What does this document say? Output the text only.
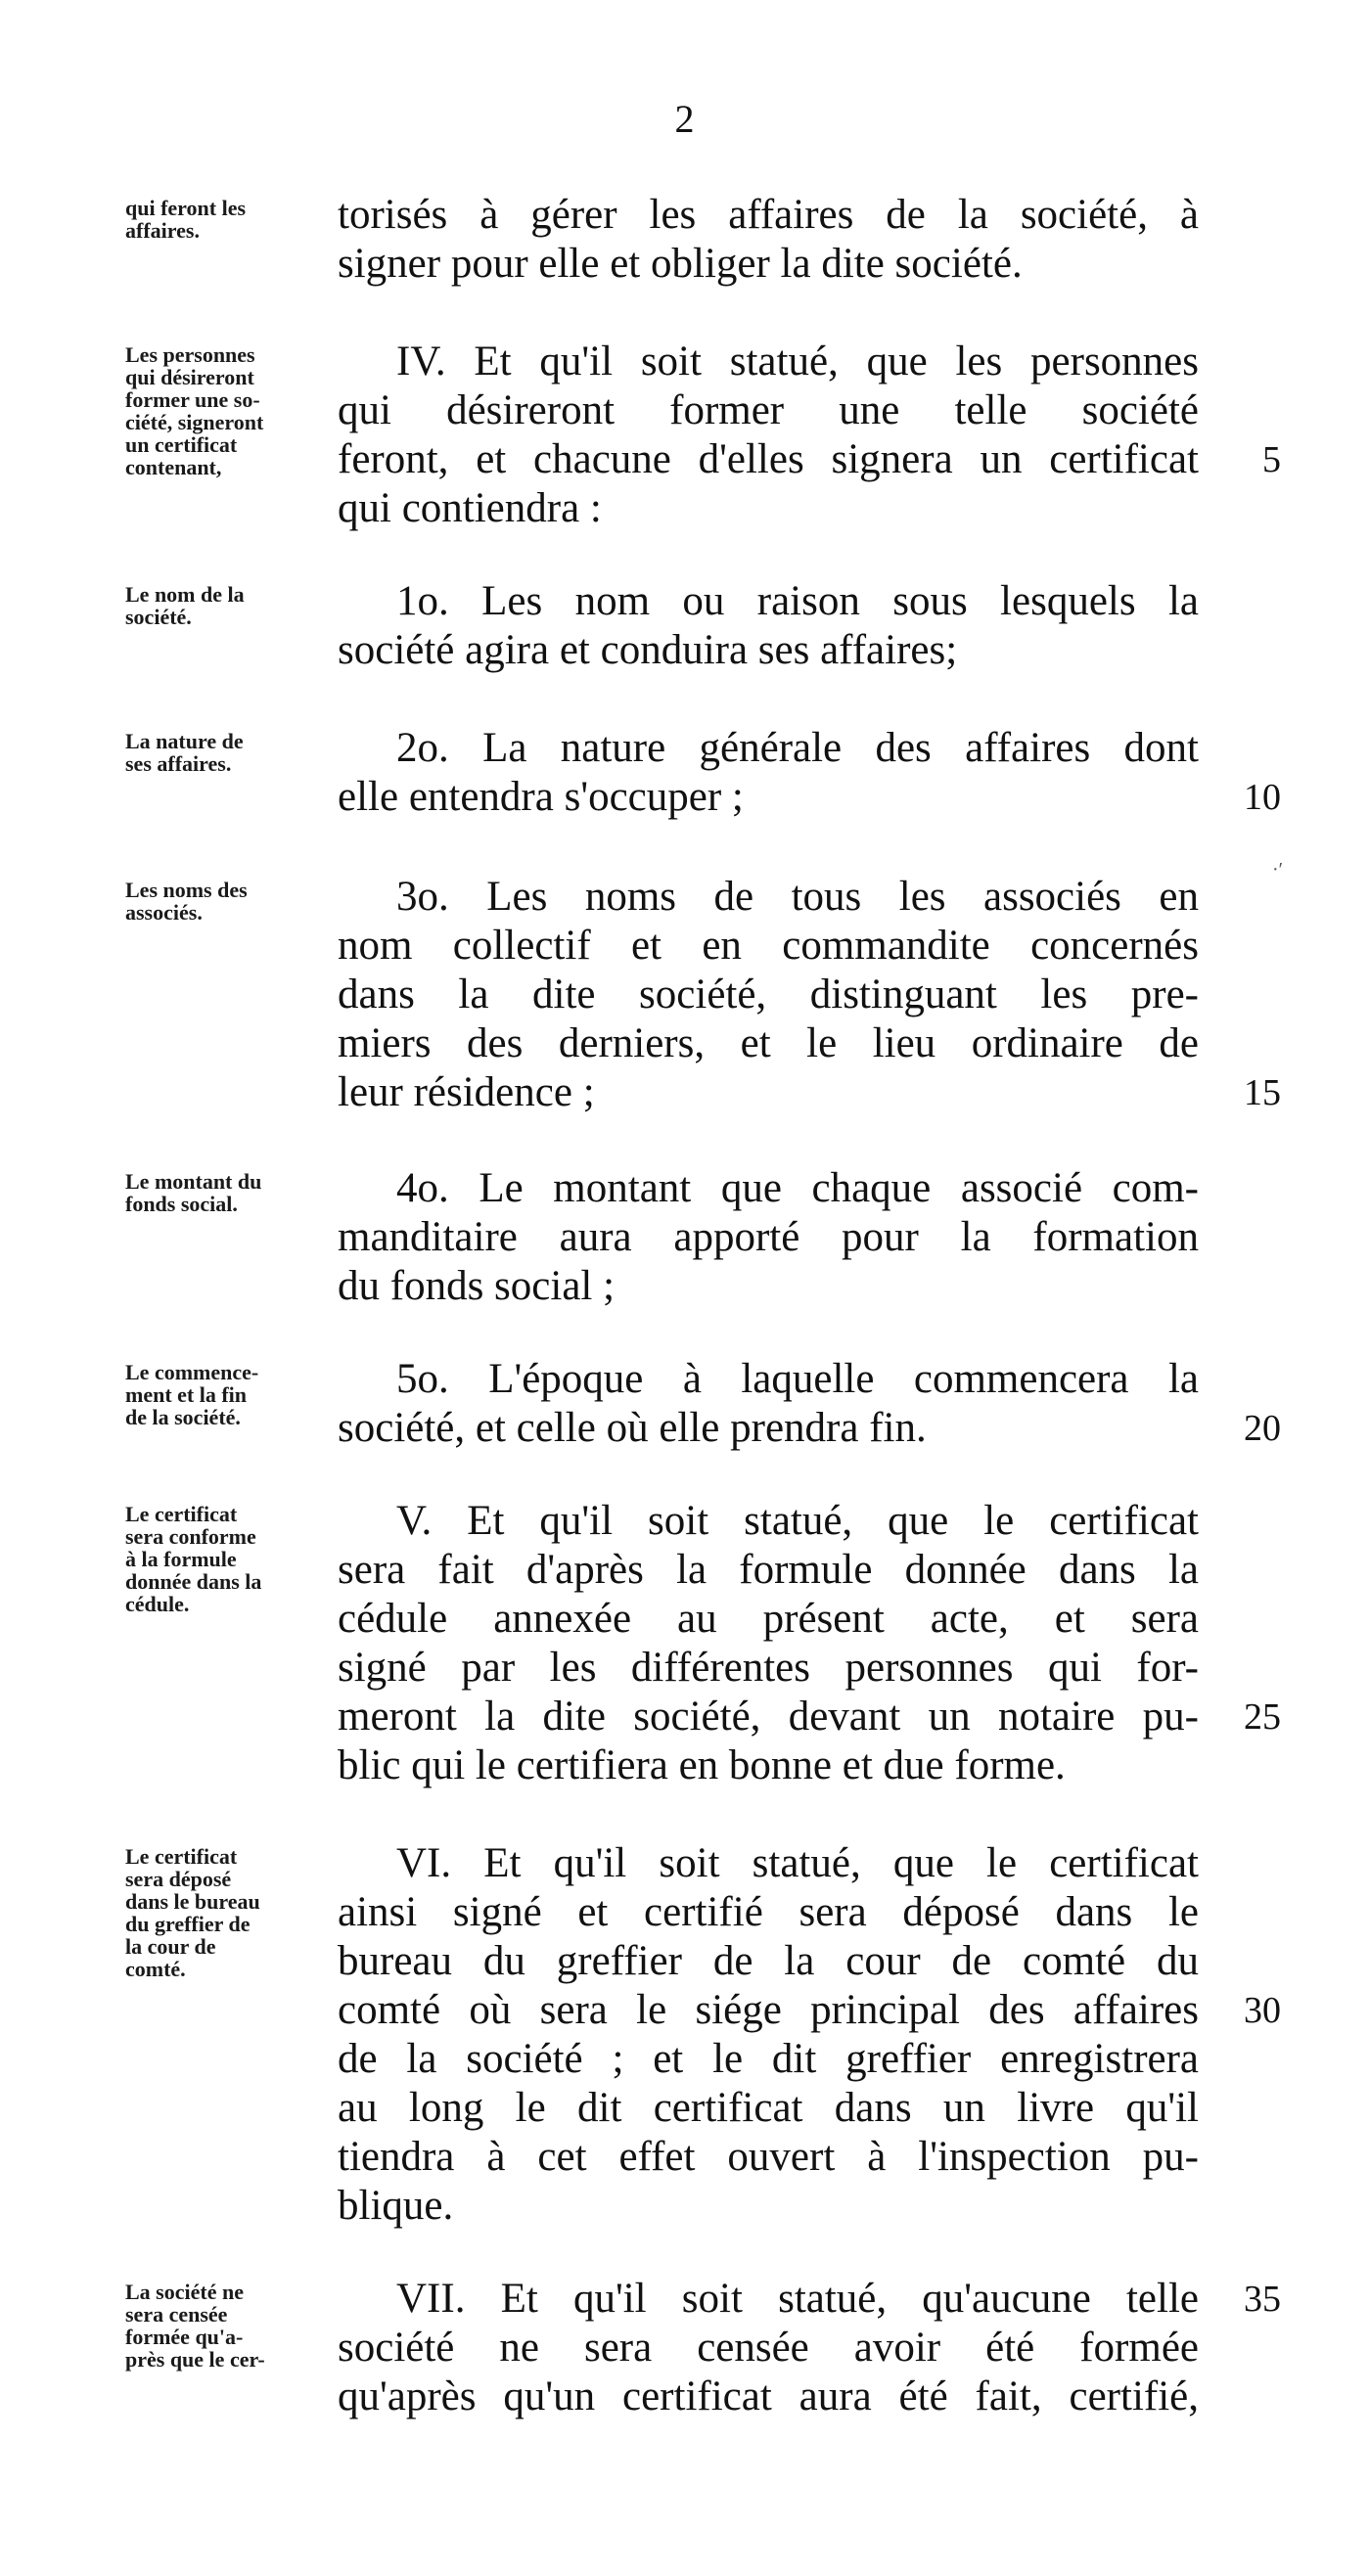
2
·′
qui feront les
affaires.	torisés à gérer les affaires de la société, à
signer pour elle et obliger la dite société.
Les personnes
qui désireront
former une so-
ciété, signeront
un certificat
contenant,
IV. Et qu'il soit statué, que les personnes
qui désireront former une telle société
feront, et chacune d'elles signera un certificat
qui contiendra :
5
Le nom de la
société.	1o. Les nom ou raison sous lesquels la
société agira et conduira ses affaires;
La nature de
ses affaires.	2o. La nature générale des affaires dont
elle entendra s'occuper ;	10
Les noms des
associés.	3o. Les noms de tous les associés en
nom collectif et en commandite concernés
dans la dite société, distinguant les pre-
miers des derniers, et le lieu ordinaire de
leur résidence ;	15
Le montant du
fonds social.	4o. Le montant que chaque associé com-
manditaire aura apporté pour la formation
du fonds social ;
Le commence-
ment et la fin
de la société.
5o. L'époque à laquelle commencera la
société, et celle où elle prendra fin.	20
Le certificat
sera conforme
à la formule
donnée dans la
cédule.
V. Et qu'il soit statué, que le certificat
sera fait d'après la formule donnée dans la
cédule annexée au présent acte, et sera
signé par les différentes personnes qui for-
meront la dite société, devant un notaire pu-
blic qui le certifiera en bonne et due forme.
25
Le certificat
sera déposé
dans le bureau
du greffier de
la cour de
comté.
VI. Et qu'il soit statué, que le certificat
ainsi signé et certifié sera déposé dans le
bureau du greffier de la cour de comté du
comté où sera le siége principal des affaires
de la société ; et le dit greffier enregistrera
au long le dit certificat dans un livre qu'il
tiendra à cet effet ouvert à l'inspection pu-
blique.
30
La société ne
sera censée
formée qu'a-
près que le cer-
VII. Et qu'il soit statué, qu'aucune telle
société ne sera censée avoir été formée
qu'après qu'un certificat aura été fait, certifié,
35
